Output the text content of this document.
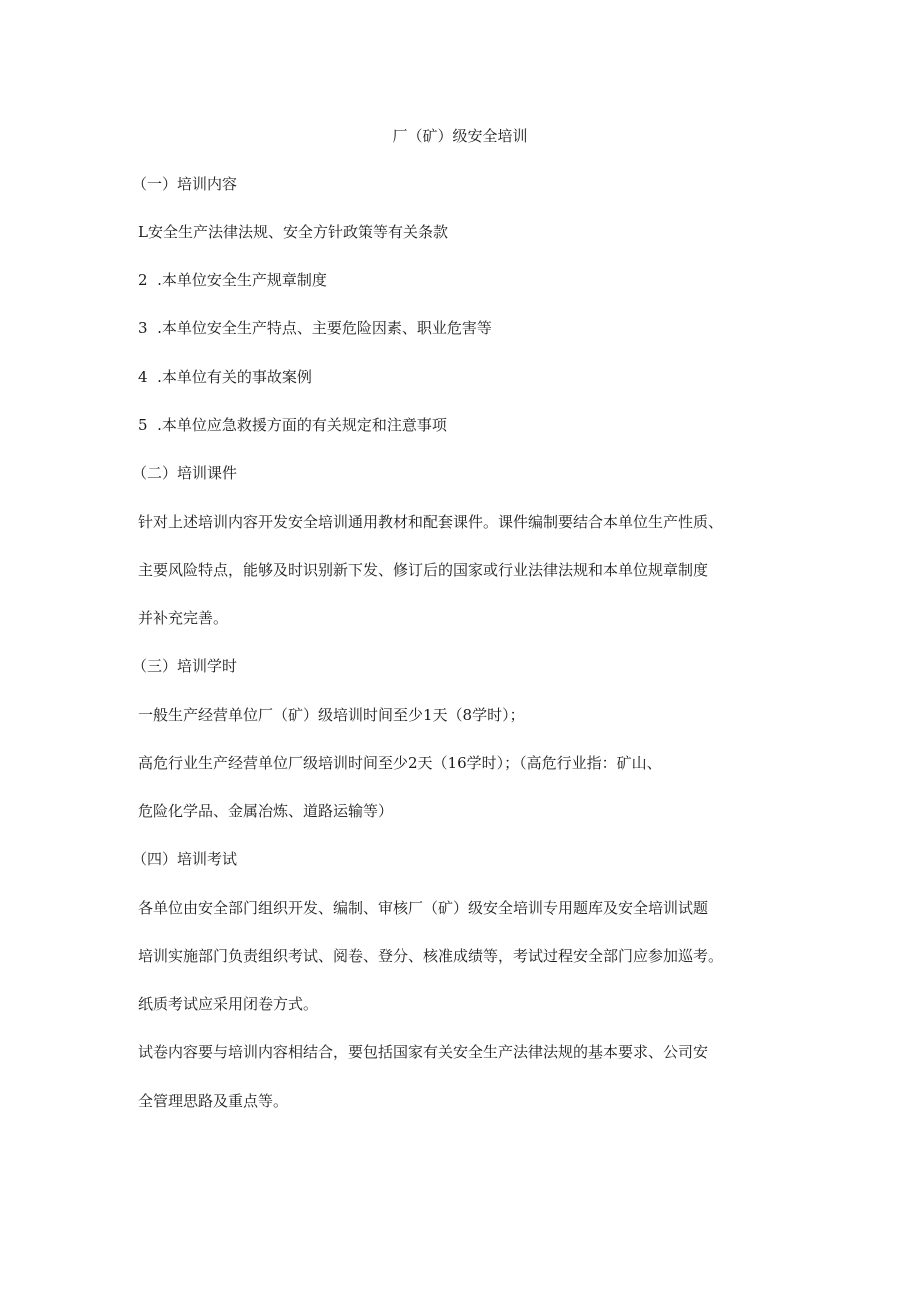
厂（矿）级安全培训

（一）培训内容

L安全生产法律法规、安全方针政策等有关条款

2  .本单位安全生产规章制度

3  .本单位安全生产特点、主要危险因素、职业危害等

4  .本单位有关的事故案例

5  .本单位应急救援方面的有关规定和注意事项

（二）培训课件

针对上述培训内容开发安全培训通用教材和配套课件。课件编制要结合本单位生产性质、

主要风险特点，能够及时识别新下发、修订后的国家或行业法律法规和本单位规章制度

并补充完善。

（三）培训学时

一般生产经营单位厂（矿）级培训时间至少1天（8学时）；

高危行业生产经营单位厂级培训时间至少2天（16学时）；（高危行业指：矿山、

危险化学品、金属冶炼、道路运输等）

（四）培训考试

各单位由安全部门组织开发、编制、审核厂（矿）级安全培训专用题库及安全培训试题

培训实施部门负责组织考试、阅卷、登分、核准成绩等，考试过程安全部门应参加巡考。

纸质考试应采用闭卷方式。

试卷内容要与培训内容相结合，要包括国家有关安全生产法律法规的基本要求、公司安

全管理思路及重点等。
